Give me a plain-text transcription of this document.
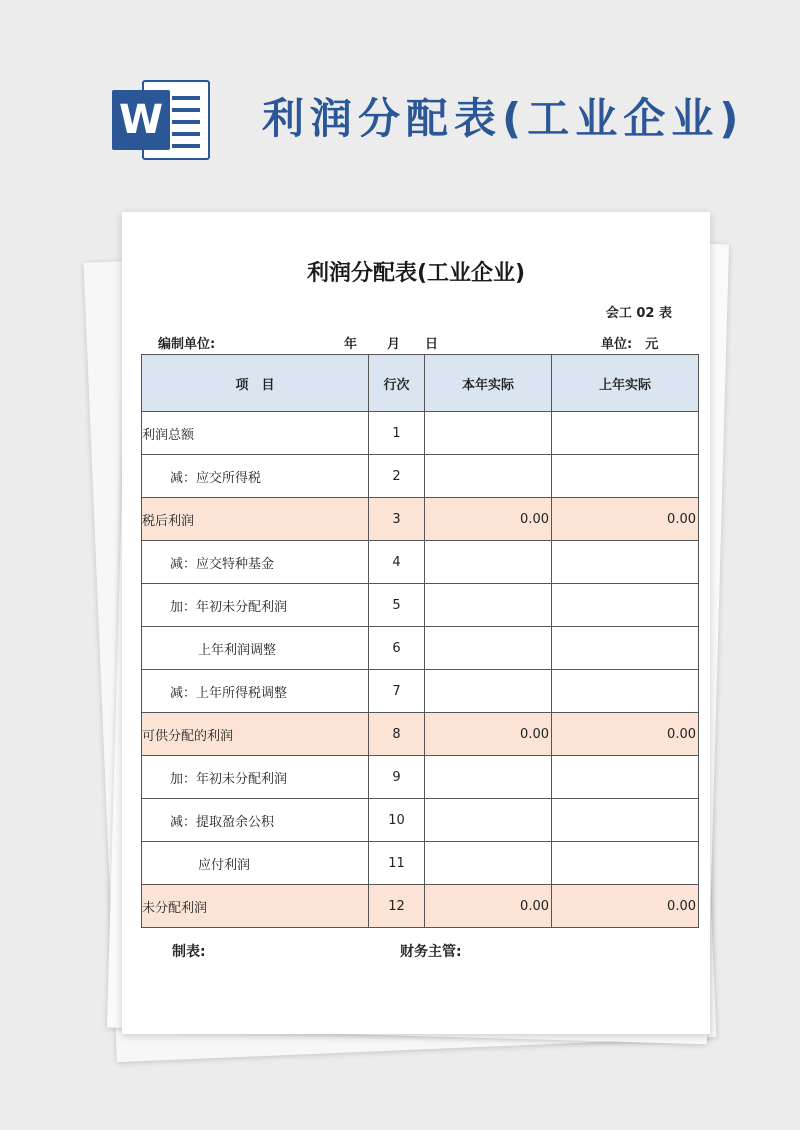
W 利润分配表(工业企业)
利润分配表(工业企业)
会工 02 表
编制单位:	年 月 日	单位:　元
项　目	行次	本年实际	上年实际
利润总额	1		
减：应交所得税	2		
税后利润	3	0.00	0.00
减：应交特种基金	4		
加：年初未分配利润	5		
上年利润调整	6		
减：上年所得税调整	7		
可供分配的利润	8	0.00	0.00
加：年初未分配利润	9		
减：提取盈余公积	10		
应付利润	11		
未分配利润	12	0.00	0.00
制表:	财务主管:
